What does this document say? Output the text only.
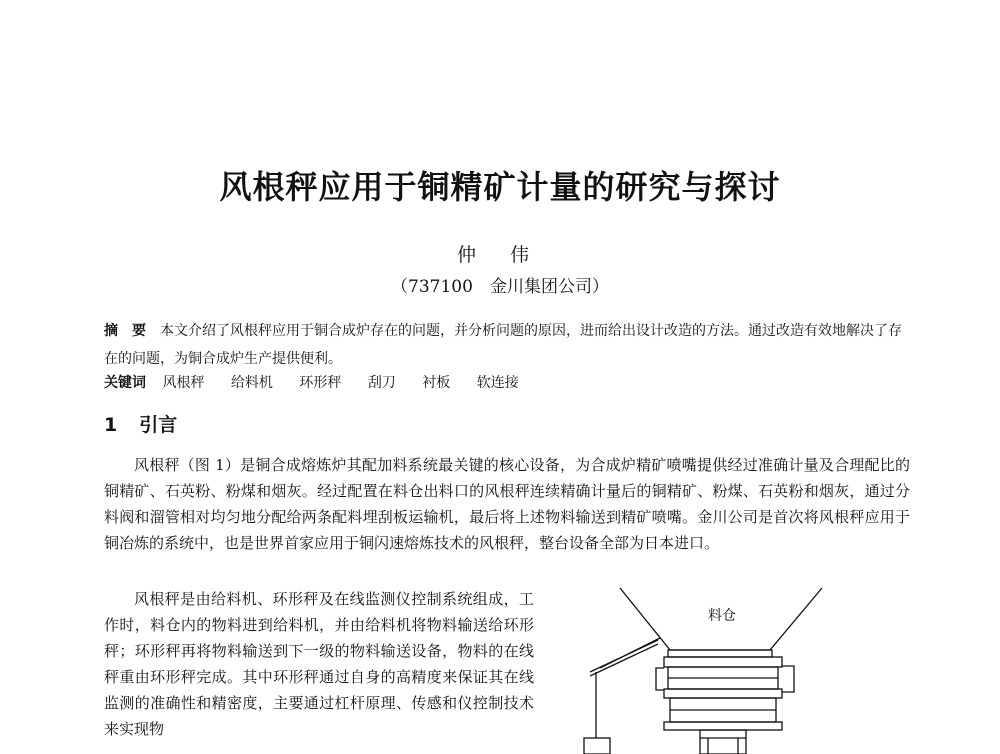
风根秤应用于铜精矿计量的研究与探讨

仲 伟

（737100　金川集团公司）

摘　要 本文介绍了风根秤应用于铜合成炉存在的问题，并分析问题的原因，进而给出设计改造的方法。通过改造有效地解决了存在的问题，为铜合成炉生产提供便利。

关键词 风根秤 给料机 环形秤 刮刀 衬板 软连接

1 引言

风根秤（图 1）是铜合成熔炼炉其配加料系统最关键的核心设备，为合成炉精矿喷嘴提供经过准确计量及合理配比的铜精矿、石英粉、粉煤和烟灰。经过配置在料仓出料口的风根秤连续精确计量后的铜精矿、粉煤、石英粉和烟灰，通过分料阀和溜管相对均匀地分配给两条配料埋刮板运输机，最后将上述物料输送到精矿喷嘴。金川公司是首次将风根秤应用于铜冶炼的系统中，也是世界首家应用于铜闪速熔炼技术的风根秤，整台设备全部为日本进口。

风根秤是由给料机、环形秤及在线监测仪控制系统组成，工作时，料仓内的物料进到给料机，并由给料机将物料输送给环形秤；环形秤再将物料输送到下一级的物料输送设备，物料的在线秤重由环形秤完成。其中环形秤通过自身的高精度来保证其在线监测的准确性和精密度，主要通过杠杆原理、传感和仪控制技术来实现物

料仓
